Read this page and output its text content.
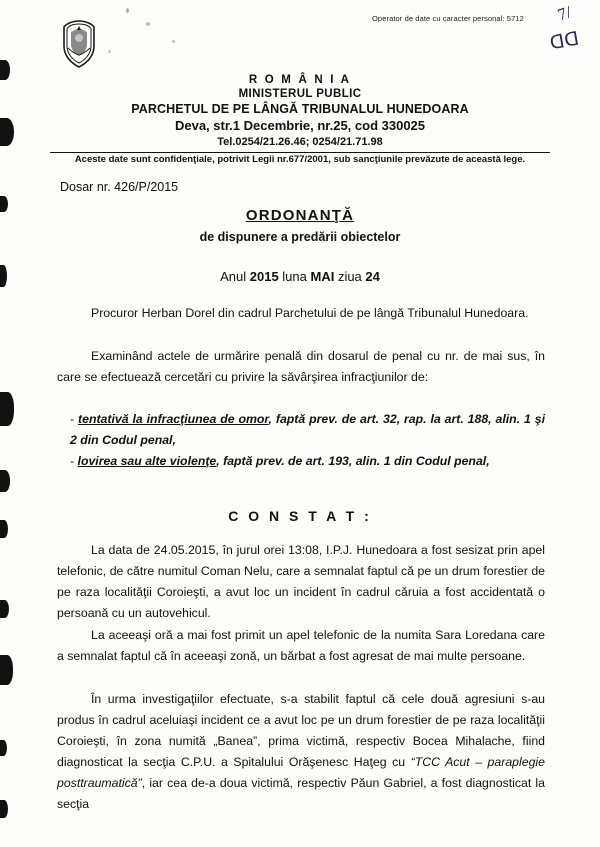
Operator de date cu caracter personal: 5712 7/
ᗡᗡ
R O M Â N I A
MINISTERUL PUBLIC
PARCHETUL DE PE LÂNGĂ TRIBUNALUL HUNEDOARA
Deva, str.1 Decembrie, nr.25, cod 330025
Tel.0254/21.26.46; 0254/21.71.98
Aceste date sunt confidenţiale, potrivit Legii nr.677/2001, sub sancţiunile prevăzute de această lege.
Dosar nr. 426/P/2015
ORDONANŢĂ
de dispunere a predării obiectelor
Anul 2015 luna MAI ziua 24
Procuror Herban Dorel din cadrul Parchetului de pe lângă Tribunalul Hunedoara.
Examinând actele de urmărire penală din dosarul de penal cu nr. de mai sus, în care se efectuează cercetări cu privire la săvârşirea infracţiunilor de:
- tentativă la infracţiunea de omor, faptă prev. de art. 32, rap. la art. 188, alin. 1 şi 2 din Codul penal,
- lovirea sau alte violenţe, faptă prev. de art. 193, alin. 1 din Codul penal,
C O N S T A T :
La data de 24.05.2015, în jurul orei 13:08, I.P.J. Hunedoara a fost sesizat prin apel telefonic, de către numitul Coman Nelu, care a semnalat faptul că pe un drum forestier de pe raza localităţii Coroieşti, a avut loc un incident în cadrul căruia a fost accidentată o persoană cu un autovehicul.
La aceeaşi oră a mai fost primit un apel telefonic de la numita Sara Loredana care a semnalat faptul că în aceeaşi zonă, un bărbat a fost agresat de mai multe persoane.
În urma investigaţiilor efectuate, s-a stabilit faptul că cele două agresiuni s-au produs în cadrul aceluiaşi incident ce a avut loc pe un drum forestier de pe raza localităţii Coroieşti, în zona numită „Banea”, prima victimă, respectiv Bocea Mihalache, fiind diagnosticat la secţia C.P.U. a Spitalului Orăşenesc Haţeg cu “TCC Acut – paraplegie posttraumatică”, iar cea de-a doua victimă, respectiv Păun Gabriel, a fost diagnosticat la secţia
